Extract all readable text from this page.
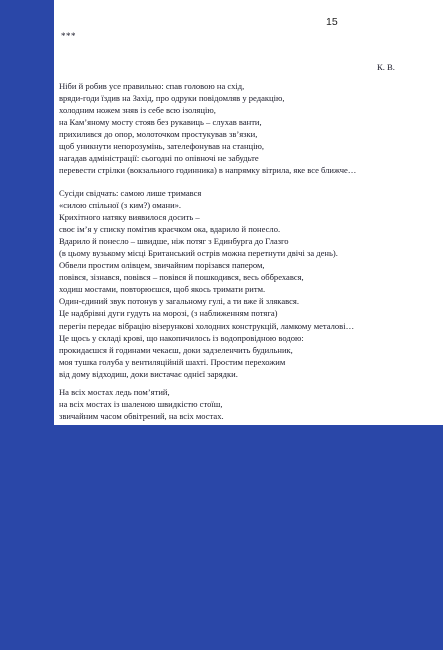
15
***
К. В.
Ніби й робив усе правильно: спав головою на схід,
вряди-годи їздив на Захід, про одруки повідомляв у редакцію,
холодним ножем зняв із себе всю ізоляцію,
на Кам’яному мосту стояв без рукавиць – слухав ванти,
прихилився до опор, молоточком простукував зв’язки,
щоб уникнути непорозумінь, зателефонував на станцію,
нагадав адміністрації: сьогодні по опівночі не забудьте
перевести стрілки (вокзального годинника) в напрямку вітрила, яке все ближче…
Сусіди свідчать: самою лише тримався
«силою спільної (з ким?) омани».
Крихітного натяку виявилося досить –
своє ім’я у списку помітив краєчком ока, вдарило й понесло.
Вдарило й понесло – швидше, ніж потяг з Единбурга до Глазго
(в цьому вузькому місці Британський острів можна перетнути двічі за день).
Обвели простим олівцем, звичайним порізався папером,
повівся, зізнався, повівся – повівся й пошкодився, весь оббрехався,
ходиш мостами, повторюєшся, щоб якось тримати ритм.
Один-єдиний звук потонув у загальному гулі, а ти вже й злякався.
Це надбрівні дуги гудуть на морозі, (з наближенням потяга)
перегін передає вібрацію візерункові холодних конструкцій, ламкому металові…
Це щось у складі крові, що накопичилось із водопровідною водою:
прокидаєшся й годинами чекаєш, доки задзеленчить будильник,
моя тушка голуба у вентиляційній шахті. Простим перехожим
від дому відходиш, доки вистачає однієї зарядки.
На всіх мостах ледь пом’ятий,
на всіх мостах із шаленою швидкістю стоїш,
звичайним часом обвітрений, на всіх мостах.
